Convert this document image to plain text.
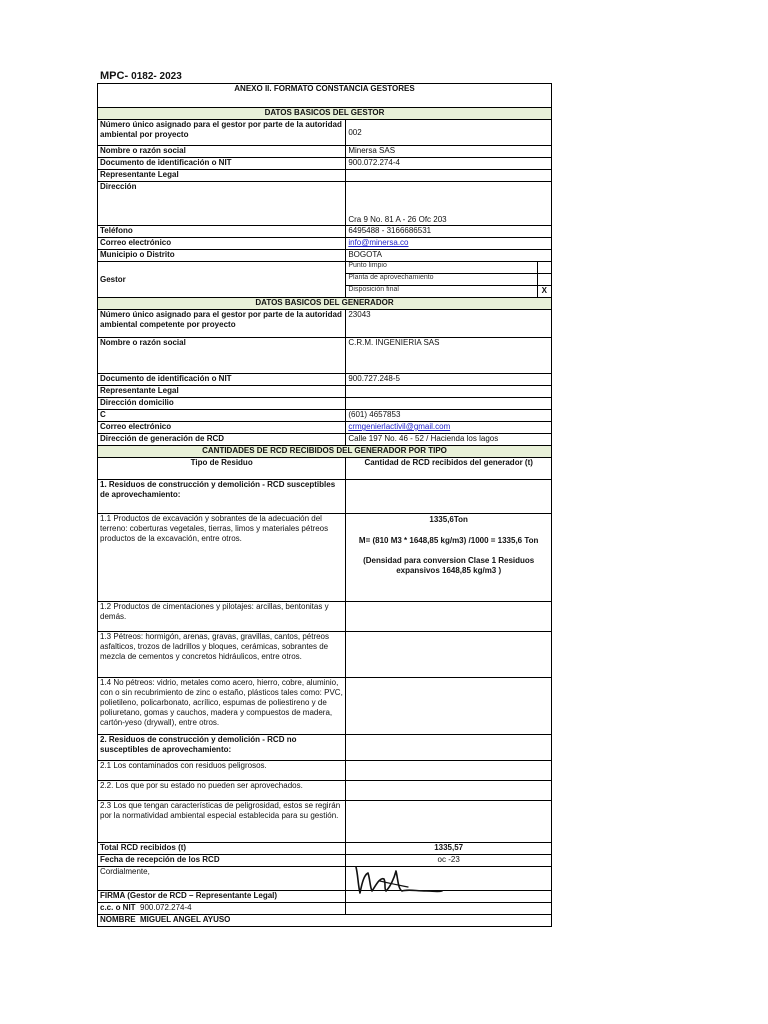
MPC- 0182- 2023
ANEXO II. FORMATO CONSTANCIA GESTORES		
DATOS BASICOS DEL GESTOR		
Número único asignado para el gestor por parte de la autoridad ambiental por proyecto	002	
Nombre o razón social	Minersa SAS	
Documento de identificación o NIT	900.072.274-4	
Representante Legal		
Dirección	Cra 9 No. 81 A - 26 Ofc 203	
Teléfono	6495488 - 3166686531	
Correo electrónico	info@minersa.co	
Municipio o Distrito	BOGOTA	
Gestor	Punto limpio	
	Planta de aprovechamiento	
	Disposición final	X
DATOS BASICOS DEL GENERADOR		
Número único asignado para el gestor por parte de la autoridad ambiental competente por proyecto	23043	
Nombre o razón social	C.R.M. INGENIERIA SAS	
Documento de identificación o NIT	900.727.248-5	
Representante Legal		
Dirección domicilio		
C	(601) 4657853	
Correo electrónico	crmgenierlactivil@gmail.com	
Dirección de generación de RCD	Calle 197 No. 46 - 52 / Hacienda los lagos	
CANTIDADES DE RCD RECIBIDOS DEL GENERADOR POR TIPO		
Tipo de Residuo	Cantidad de RCD recibidos del generador (t)	
1. Residuos de construcción y demolición - RCD susceptibles de aprovechamiento:		
1.1 Productos de excavación y sobrantes de la adecuación del terreno: coberturas vegetales, tierras, limos y materiales pétreos productos de la excavación, entre otros.	1335,6Ton
M= (810 M3 * 1648,85 kg/m3) /1000 = 1335,6 Ton
(Densidad para conversion Clase 1 Residuos expansivos 1648,85 kg/m3 )	

1.2 Productos de cimentaciones y pilotajes: arcillas, bentonitas y demás.		
1.3 Pétreos: hormigón, arenas, gravas, gravillas, cantos, pétreos asfalticos, trozos de ladrillos y bloques, cerámicas, sobrantes de mezcla de cementos y concretos hidráulicos, entre otros.		

1.4 No pétreos: vidrio, metales como acero, hierro, cobre, aluminio, con o sin recubrimiento de zinc o estaño, plásticos tales como: PVC, polietileno, policarbonato, acrílico, espumas de poliestireno y de poliuretano, gomas y cauchos, madera y compuestos de madera, cartón-yeso (drywall), entre otros.		

2. Residuos de construcción y demolición - RCD no susceptibles de aprovechamiento:		
2.1 Los contaminados con residuos peligrosos.		
2.2. Los que por su estado no pueden ser aprovechados.		
2.3 Los que tengan características de peligrosidad, estos se regirán por la normatividad ambiental especial establecida para su gestión.		
Total RCD recibidos (t)	1335,57	
Fecha de recepción de los RCD	oc -23	
Cordialmente,	

FIRMA (Gestor de RCD – Representante Legal)		
c.c. o NIT 900.072.274-4		
NOMBRE MIGUEL ANGEL AYUSO		
